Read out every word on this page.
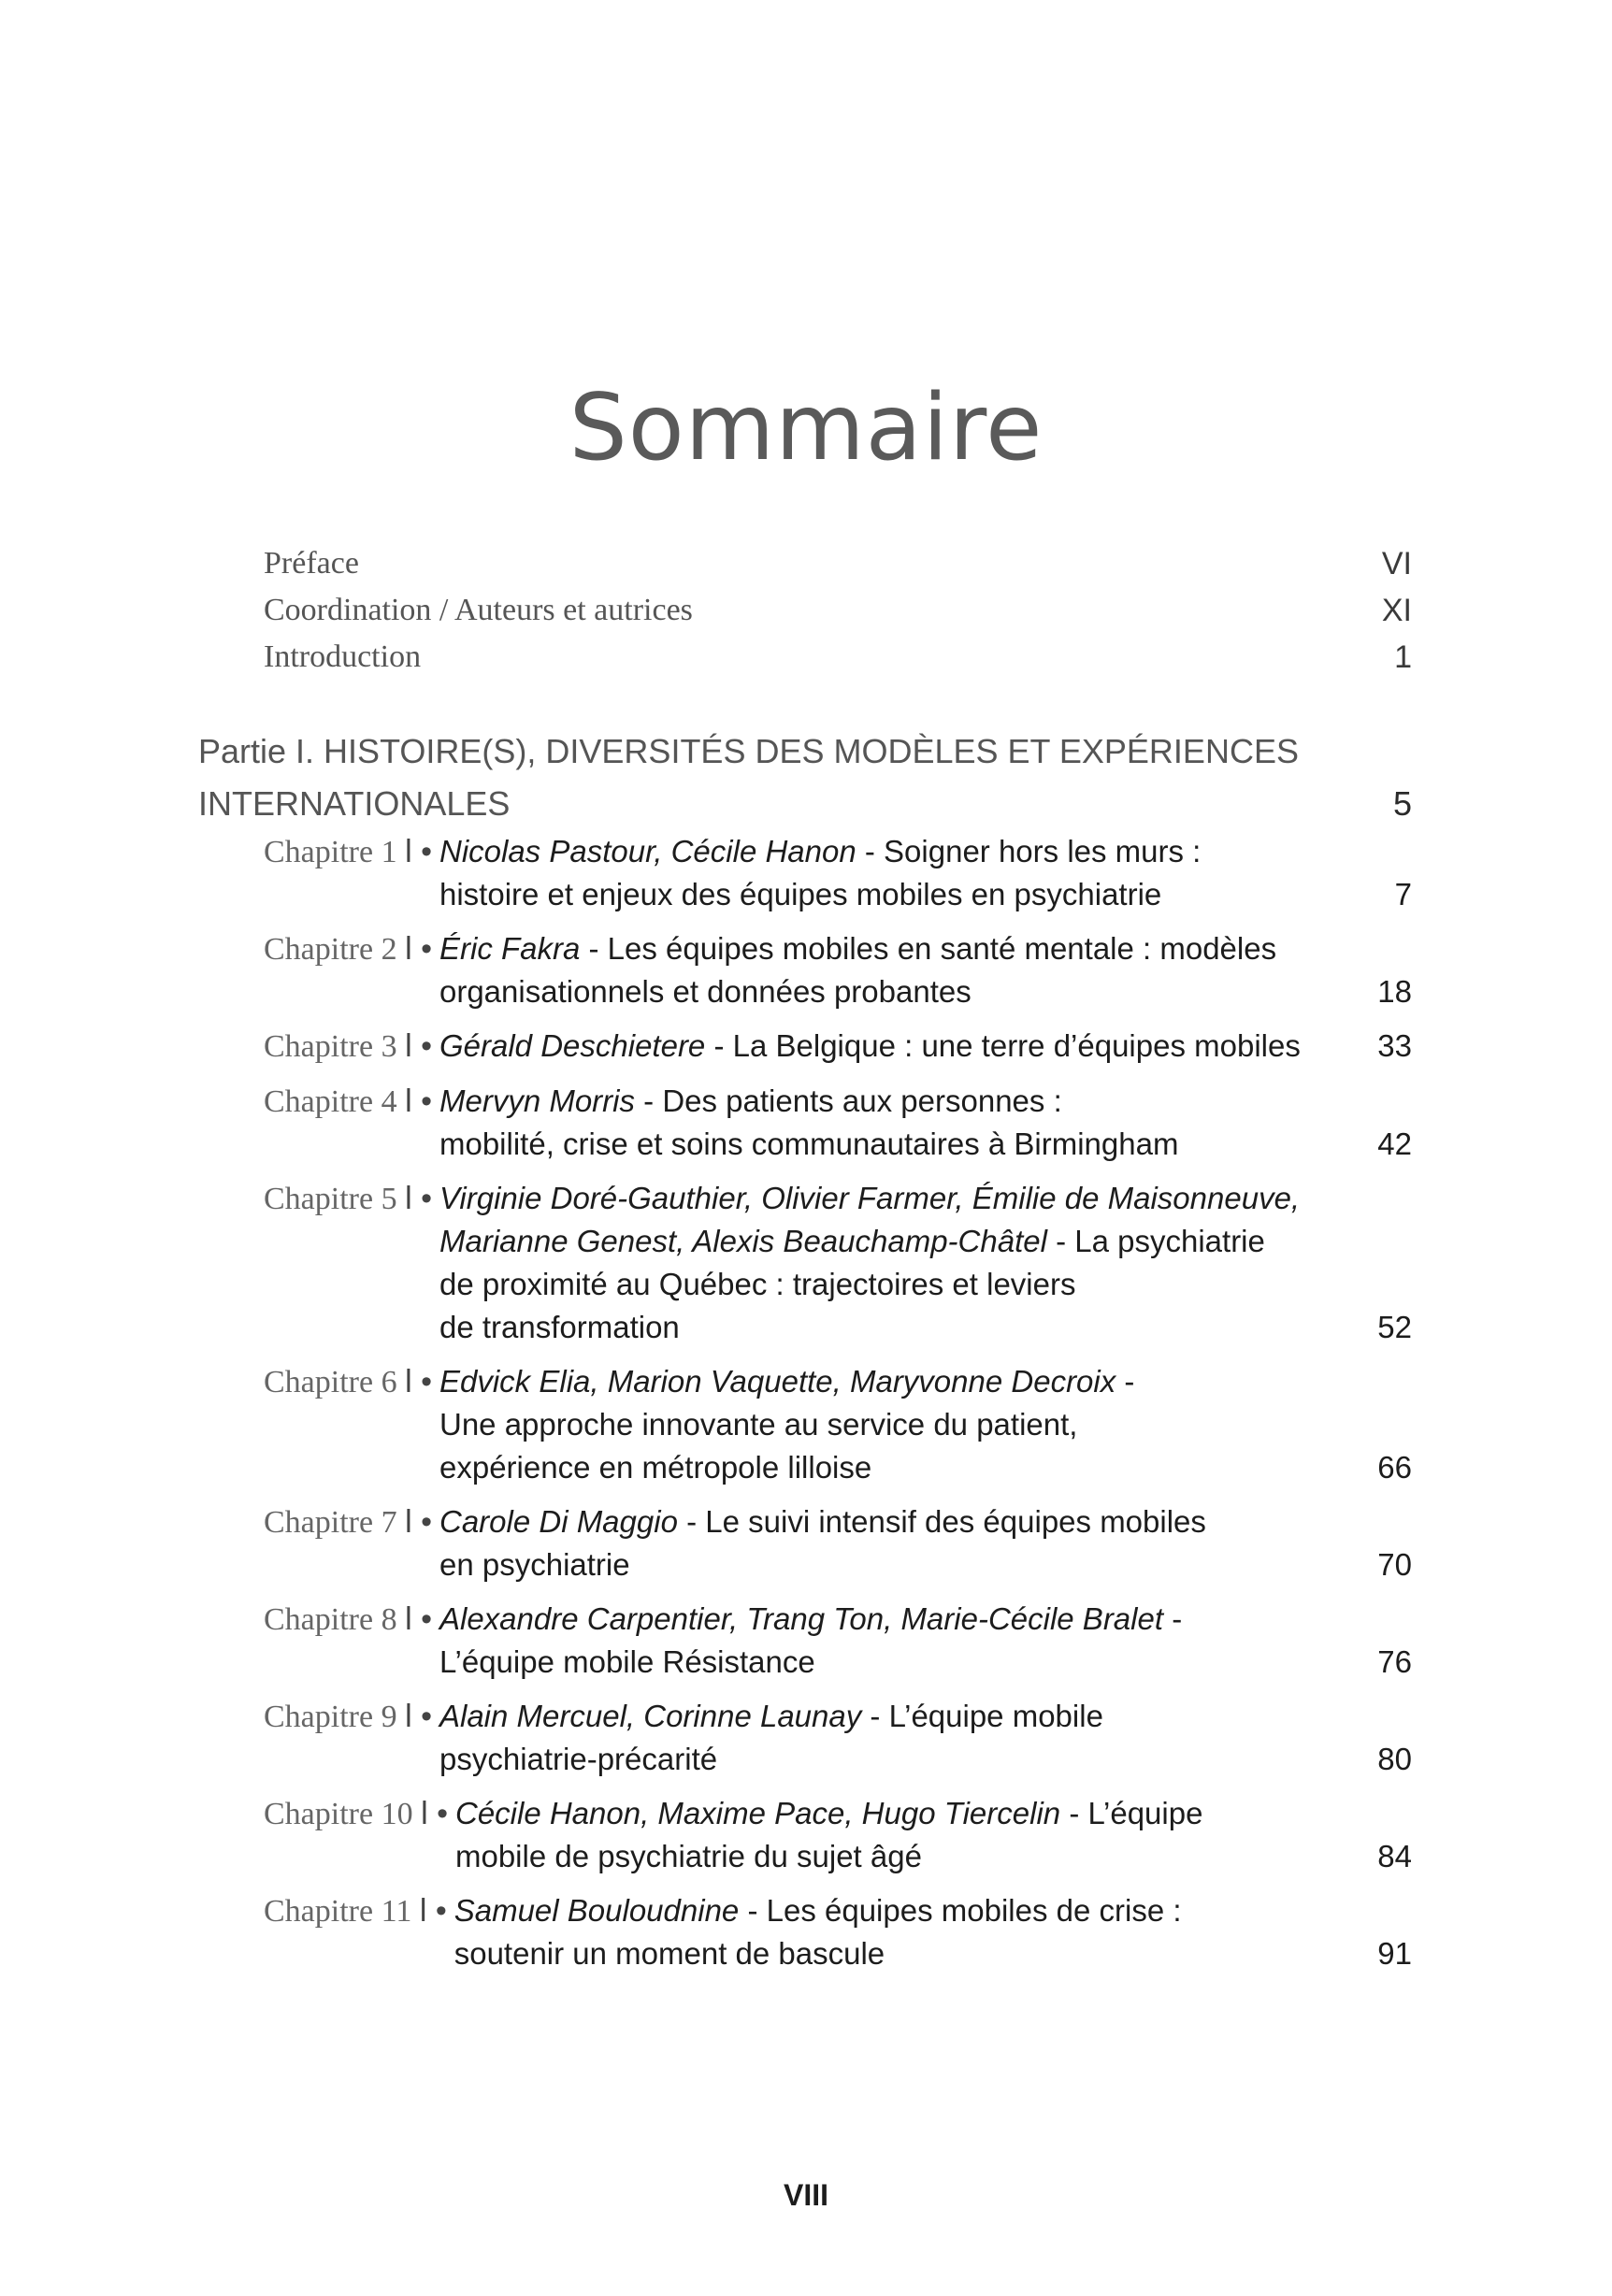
Sommaire
Préface	VI
Coordination / Auteurs et autrices	XI
Introduction	1
Partie I. HISTOIRE(S), DIVERSITÉS DES MODÈLES ET EXPÉRIENCES
INTERNATIONALES	5
Chapitre 1 l • Nicolas Pastour, Cécile Hanon - Soigner hors les murs :
histoire et enjeux des équipes mobiles en psychiatrie	7
Chapitre 2 l • Éric Fakra - Les équipes mobiles en santé mentale : modèles
organisationnels et données probantes	18
Chapitre 3 l • Gérald Deschietere - La Belgique : une terre d’équipes mobiles	33
Chapitre 4 l • Mervyn Morris - Des patients aux personnes :
mobilité, crise et soins communautaires à Birmingham	42
Chapitre 5 l • Virginie Doré-Gauthier, Olivier Farmer, Émilie de Maisonneuve, Marianne Genest, Alexis Beauchamp-Châtel - La psychiatrie
de proximité au Québec : trajectoires et leviers
de transformation	52
Chapitre 6 l • Edvick Elia, Marion Vaquette, Maryvonne Decroix -
Une approche innovante au service du patient,
expérience en métropole lilloise	66
Chapitre 7 l • Carole Di Maggio - Le suivi intensif des équipes mobiles
en psychiatrie	70
Chapitre 8 l • Alexandre Carpentier, Trang Ton, Marie-Cécile Bralet -
L’équipe mobile Résistance	76
Chapitre 9 l • Alain Mercuel, Corinne Launay - L’équipe mobile
psychiatrie-précarité	80
Chapitre 10 l • Cécile Hanon, Maxime Pace, Hugo Tiercelin - L’équipe
mobile de psychiatrie du sujet âgé	84
Chapitre 11 l • Samuel Bouloudnine - Les équipes mobiles de crise :
soutenir un moment de bascule	91
VIII
